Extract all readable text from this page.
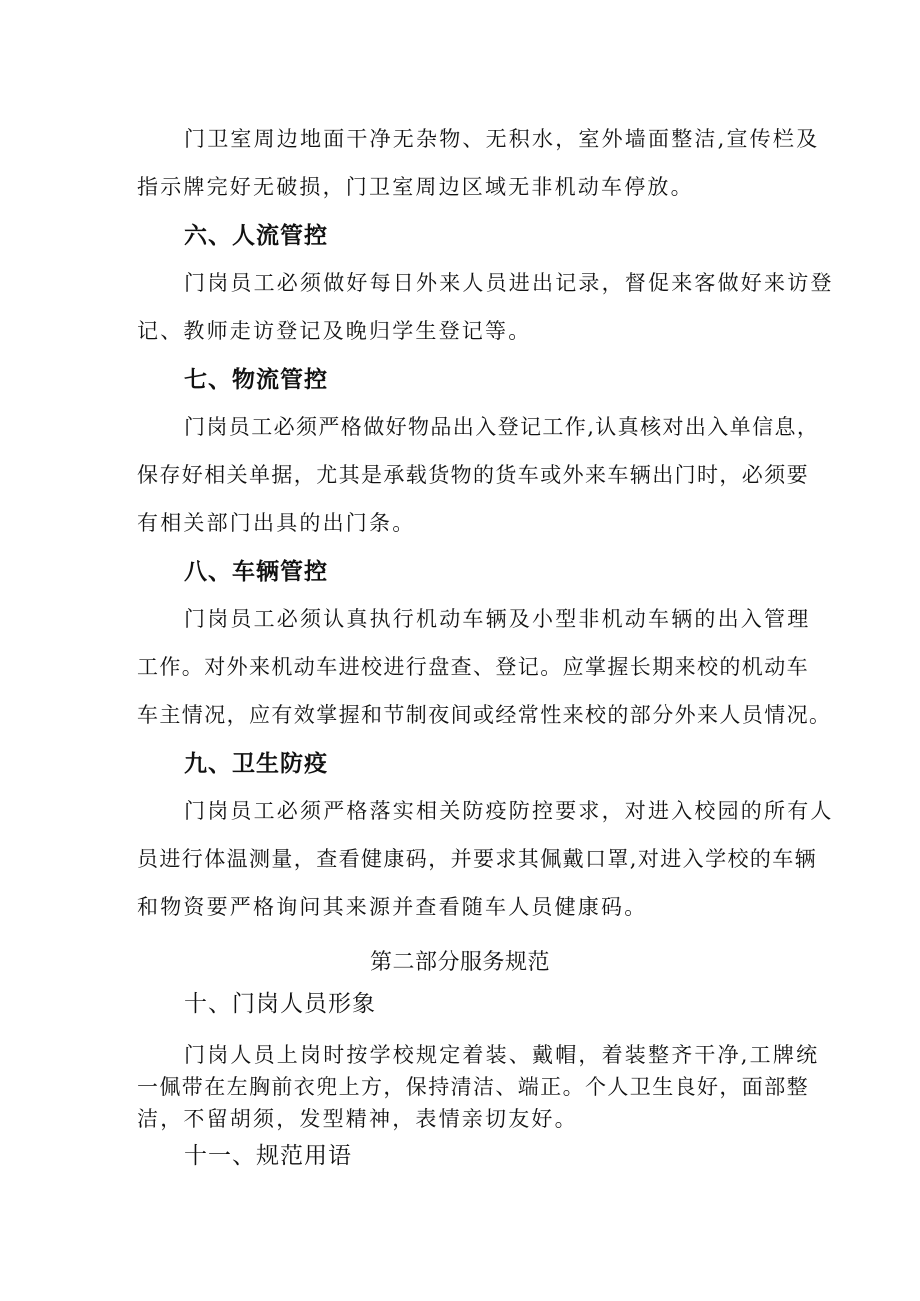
门卫室周边地面干净无杂物、无积水，室外墙面整洁,宣传栏及
指示牌完好无破损，门卫室周边区域无非机动车停放。
六、人流管控
门岗员工必须做好每日外来人员进出记录，督促来客做好来访登
记、教师走访登记及晚归学生登记等。
七、物流管控
门岗员工必须严格做好物品出入登记工作,认真核对出入单信息，
保存好相关单据，尤其是承载货物的货车或外来车辆出门时，必须要
有相关部门出具的出门条。
八、车辆管控
门岗员工必须认真执行机动车辆及小型非机动车辆的出入管理
工作。对外来机动车进校进行盘查、登记。应掌握长期来校的机动车
车主情况，应有效掌握和节制夜间或经常性来校的部分外来人员情况。
九、卫生防疫
门岗员工必须严格落实相关防疫防控要求，对进入校园的所有人
员进行体温测量，查看健康码，并要求其佩戴口罩,对进入学校的车辆
和物资要严格询问其来源并查看随车人员健康码。
第二部分服务规范
十、门岗人员形象
门岗人员上岗时按学校规定着装、戴帽，着装整齐干净,工牌统
一佩带在左胸前衣兜上方，保持清洁、端正。个人卫生良好，面部整
洁，不留胡须，发型精神，表情亲切友好。
十一、规范用语
